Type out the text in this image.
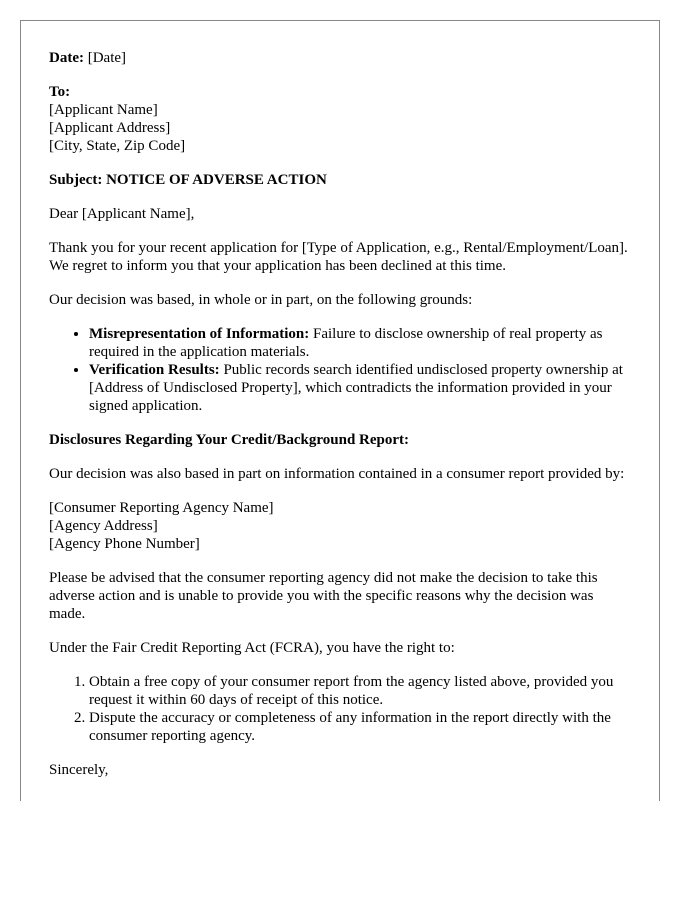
Date: [Date]

To:
[Applicant Name]
[Applicant Address]
[City, State, Zip Code]

Subject: NOTICE OF ADVERSE ACTION

Dear [Applicant Name],

Thank you for your recent application for [Type of Application, e.g., Rental/Employment/Loan]. We regret to inform you that your application has been declined at this time.

Our decision was based, in whole or in part, on the following grounds:

• Misrepresentation of Information: Failure to disclose ownership of real property as required in the application materials.
• Verification Results: Public records search identified undisclosed property ownership at [Address of Undisclosed Property], which contradicts the information provided in your signed application.
Disclosures Regarding Your Credit/Background Report:

Our decision was also based in part on information contained in a consumer report provided by:

[Consumer Reporting Agency Name]
[Agency Address]
[Agency Phone Number]

Please be advised that the consumer reporting agency did not make the decision to take this adverse action and is unable to provide you with the specific reasons why the decision was made.

Under the Fair Credit Reporting Act (FCRA), you have the right to:

1. Obtain a free copy of your consumer report from the agency listed above, provided you request it within 60 days of receipt of this notice.
2. Dispute the accuracy or completeness of any information in the report directly with the consumer reporting agency.

Sincerely,
